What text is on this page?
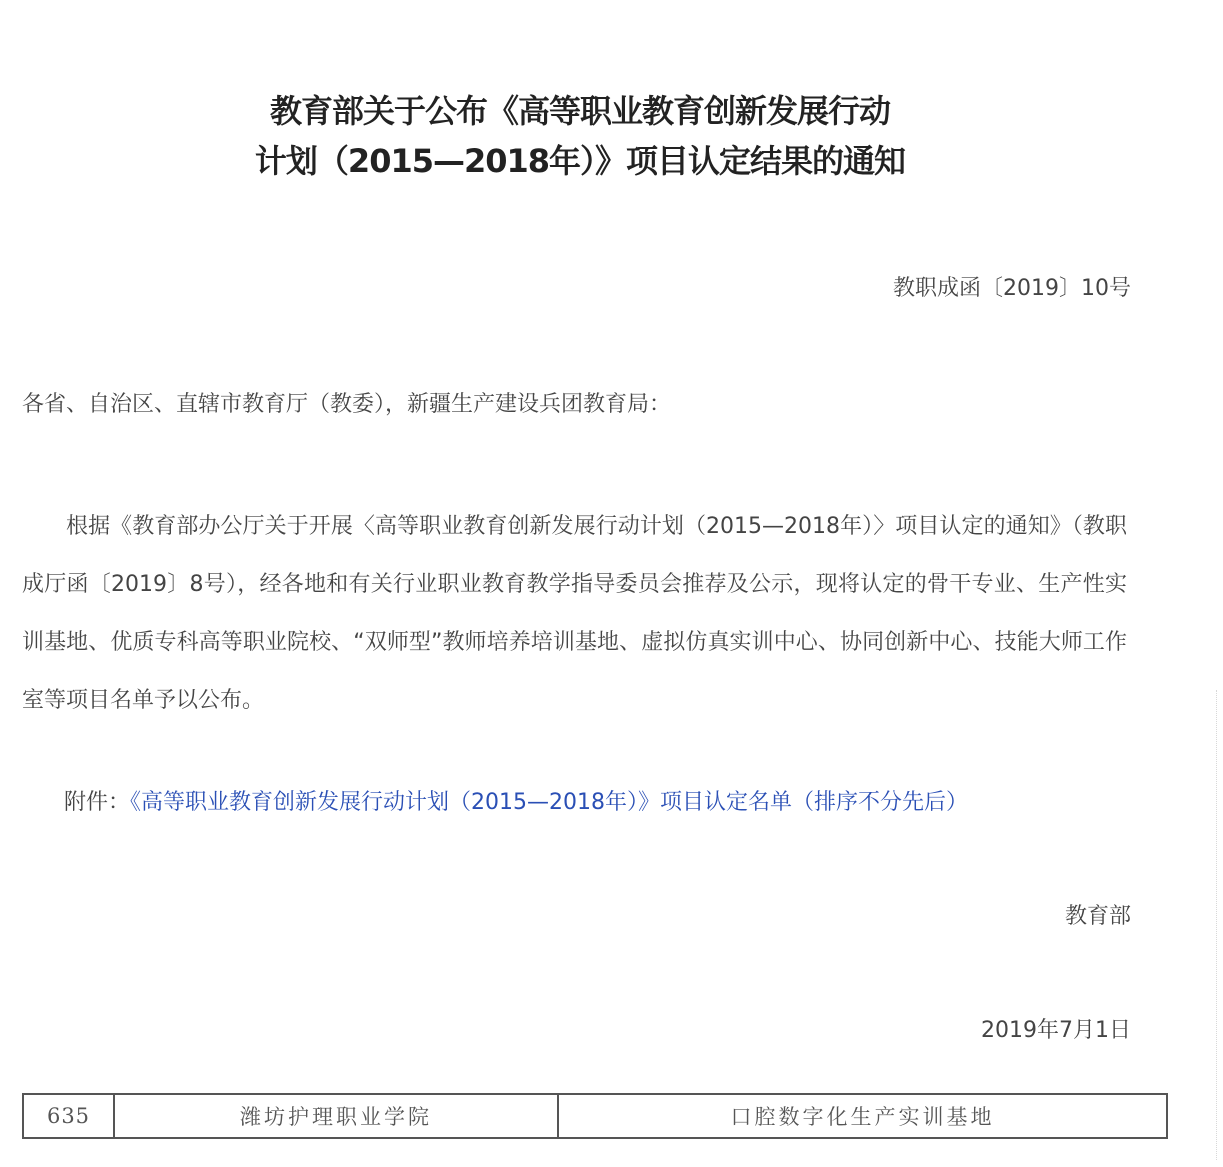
教育部关于公布《高等职业教育创新发展行动
计划（2015—2018年）》项目认定结果的通知
教职成函〔2019〕10号
各省、自治区、直辖市教育厅（教委），新疆生产建设兵团教育局：

根据《教育部办公厅关于开展〈高等职业教育创新发展行动计划（2015—2018年）〉项目认定的通知》（教职成厅函〔2019〕8号），经各地和有关行业职业教育教学指导委员会推荐及公示，现将认定的骨干专业、生产性实训基地、优质专科高等职业院校、“双师型”教师培养培训基地、虚拟仿真实训中心、协同创新中心、技能大师工作室等项目名单予以公布。

附件：《高等职业教育创新发展行动计划（2015—2018年）》项目认定名单（排序不分先后）
教育部
2019年7月1日
635	潍坊护理职业学院	口腔数字化生产实训基地
